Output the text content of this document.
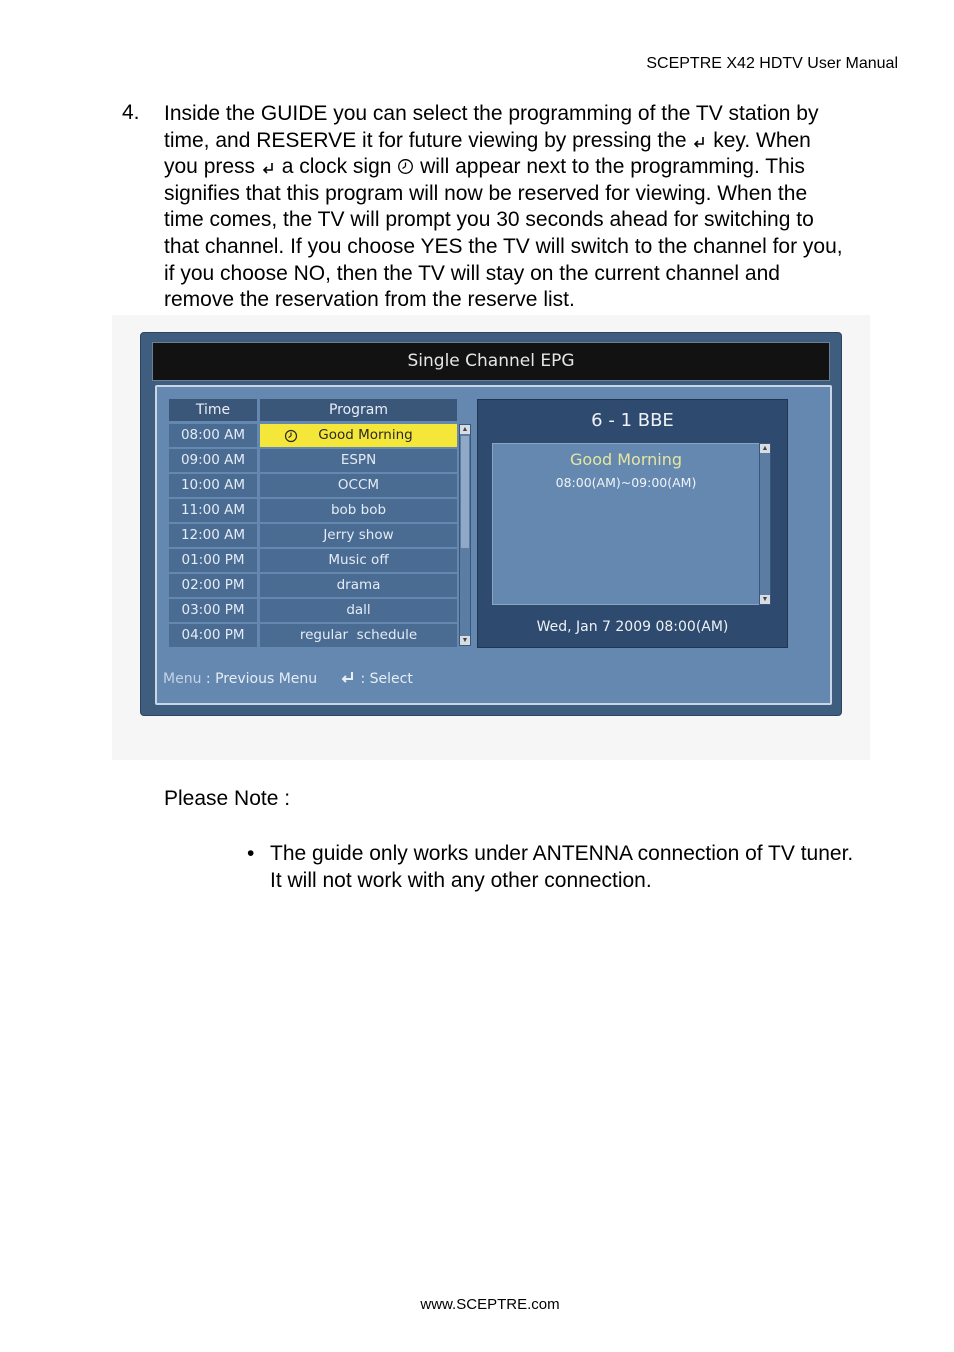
SCEPTRE X42 HDTV User Manual
4. Inside the GUIDE you can select the programming of the TV station by
time, and RESERVE it for future viewing by pressing the  key. When
you press  a clock sign  will appear next to the programming. This
signifies that this program will now be reserved for viewing. When the
time comes, the TV will prompt you 30 seconds ahead for switching to
that channel. If you choose YES the TV will switch to the channel for you,
if you choose NO, then the TV will stay on the current channel and
remove the reservation from the reserve list.
Single Channel EPG
Time	Program
▲
▼
08:00 AM	Good Morning
09:00 AM	ESPN
10:00 AM	OCCM
11:00 AM	bob bob
12:00 AM	Jerry show
01:00 PM	Music off
02:00 PM	drama
03:00 PM	dall
04:00 PM	regular  schedule
6 - 1 BBE
Good Morning
08:00(AM)~09:00(AM)
▲
▼
Wed, Jan 7 2009 08:00(AM)
Menu : Previous Menu	: Select
Please Note :
• The guide only works under ANTENNA connection of TV tuner.
It will not work with any other connection.
www.SCEPTRE.com
